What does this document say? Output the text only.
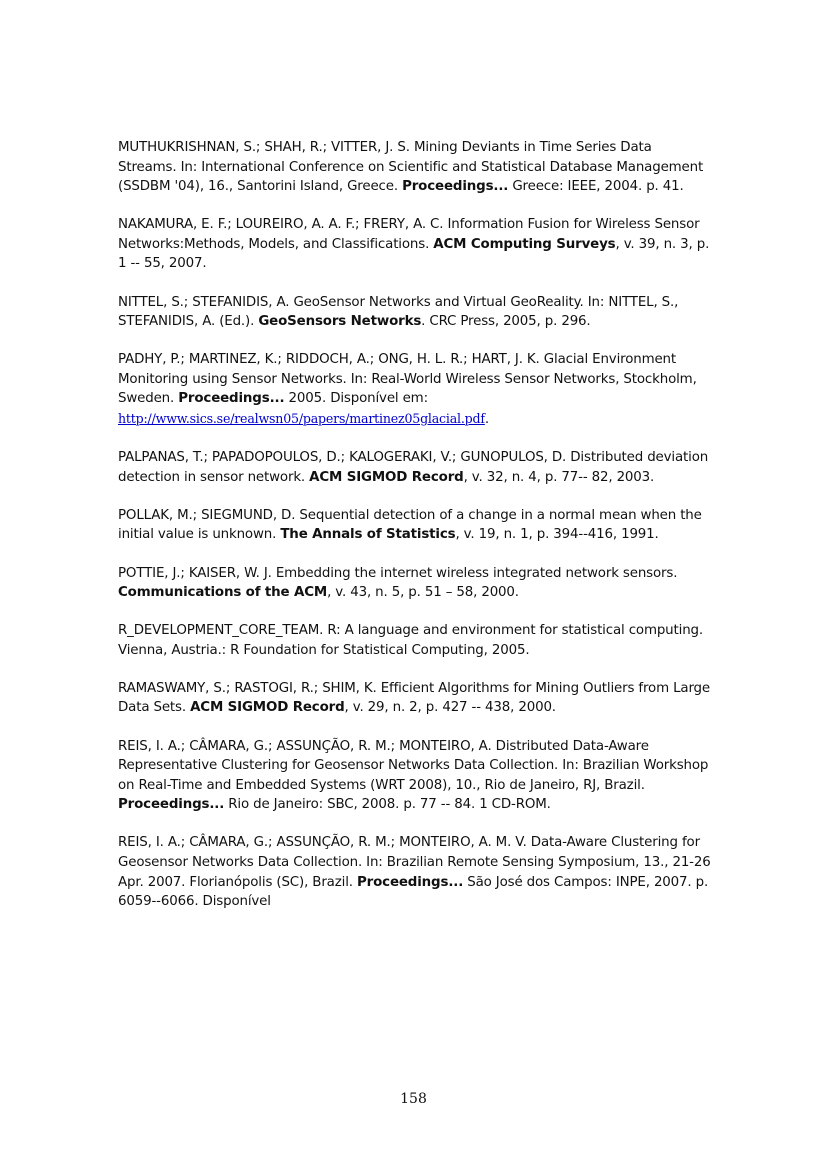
MUTHUKRISHNAN, S.; SHAH, R.; VITTER, J. S. Mining Deviants in Time Series Data Streams. In: International Conference on Scientific and Statistical Database Management (SSDBM '04), 16., Santorini Island, Greece. Proceedings... Greece: IEEE, 2004. p. 41.

NAKAMURA, E. F.; LOUREIRO, A. A. F.; FRERY, A. C. Information Fusion for Wireless Sensor Networks:Methods, Models, and Classifications. ACM Computing Surveys, v. 39, n. 3, p. 1 -- 55, 2007.

NITTEL, S.; STEFANIDIS, A. GeoSensor Networks and Virtual GeoReality. In: NITTEL, S., STEFANIDIS, A. (Ed.). GeoSensors Networks. CRC Press, 2005, p. 296.

PADHY, P.; MARTINEZ, K.; RIDDOCH, A.; ONG, H. L. R.; HART, J. K. Glacial Environment Monitoring using Sensor Networks. In: Real-World Wireless Sensor Networks, Stockholm, Sweden. Proceedings... 2005. Disponível em: http://www.sics.se/realwsn05/papers/martinez05glacial.pdf.

PALPANAS, T.; PAPADOPOULOS, D.; KALOGERAKI, V.; GUNOPULOS, D. Distributed deviation detection in sensor network. ACM SIGMOD Record, v. 32, n. 4, p. 77-- 82, 2003.

POLLAK, M.; SIEGMUND, D. Sequential detection of a change in a normal mean when the initial value is unknown. The Annals of Statistics, v. 19, n. 1, p. 394--416, 1991.

POTTIE, J.; KAISER, W. J. Embedding the internet wireless integrated network sensors. Communications of the ACM, v. 43, n. 5, p. 51 – 58, 2000.

R_DEVELOPMENT_CORE_TEAM. R: A language and environment for statistical computing. Vienna, Austria.: R Foundation for Statistical Computing, 2005.

RAMASWAMY, S.; RASTOGI, R.; SHIM, K. Efficient Algorithms for Mining Outliers from Large Data Sets. ACM SIGMOD Record, v. 29, n. 2, p. 427 -- 438, 2000.

REIS, I. A.; CÂMARA, G.; ASSUNÇÃO, R. M.; MONTEIRO, A. Distributed Data-Aware Representative Clustering for Geosensor Networks Data Collection. In: Brazilian Workshop on Real-Time and Embedded Systems (WRT 2008), 10., Rio de Janeiro, RJ, Brazil. Proceedings... Rio de Janeiro: SBC, 2008. p. 77 -- 84. 1 CD-ROM.

REIS, I. A.; CÂMARA, G.; ASSUNÇÃO, R. M.; MONTEIRO, A. M. V. Data-Aware Clustering for Geosensor Networks Data Collection. In: Brazilian Remote Sensing Symposium, 13., 21-26 Apr. 2007. Florianópolis (SC), Brazil. Proceedings... São José dos Campos: INPE, 2007. p. 6059--6066. Disponível

158
